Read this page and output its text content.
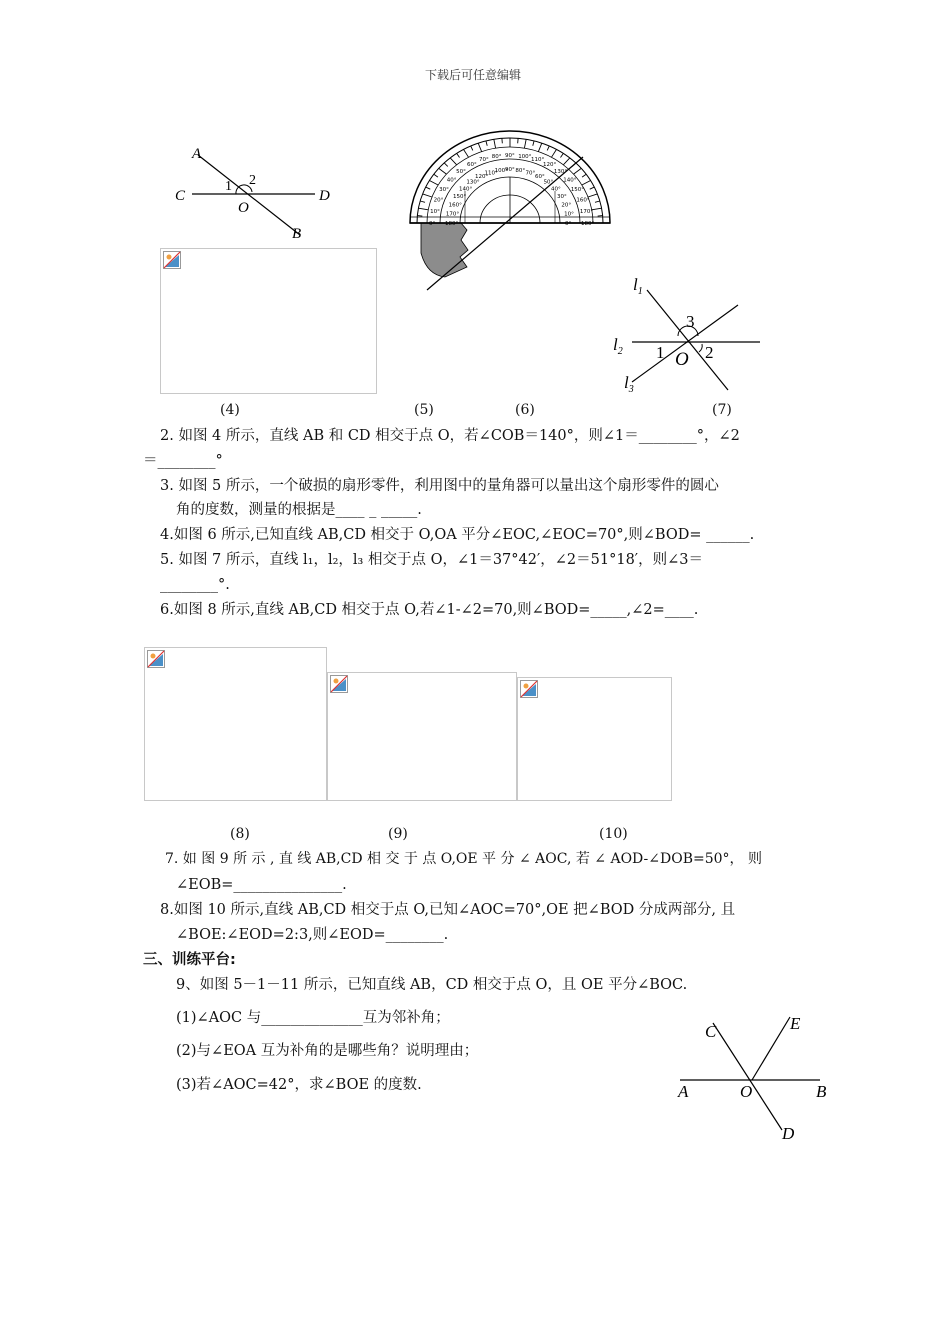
下载后可任意编辑
A
C	D
O
B
1 2
0° 180°
10° 170°
20°
160°
30°
150°
40°
140°
50°
130°
60°
120°
70°
110°
80°
100°
90°
90°
100°
80°
110°
70°
120°
60°
130°
50° 140°
40° 150°
30°
160°
20°
170°
10°
180°
0°
$l_1$
$l_2$
$l_3$
3
1 O 2
(4)	(5)	(6)	(7)
2. 如图 4 所示，直线 AB 和 CD 相交于点 O，若∠COB＝140°，则∠1＝________°，∠2
＝________°
3. 如图 5 所示，一个破损的扇形零件，利用图中的量角器可以量出这个扇形零件的圆心
角的度数，测量的根据是____ _ _____.
4.如图 6 所示,已知直线 AB,CD 相交于 O,OA 平分∠EOC,∠EOC=70°,则∠BOD= ______.
5. 如图 7 所示，直线 l₁，l₂，l₃ 相交于点 O，∠1＝37°42′，∠2＝51°18′，则∠3＝
________°.
6.如图 8 所示,直线 AB,CD 相交于点 O,若∠1-∠2=70,则∠BOD=_____,∠2=____.
(8)	(9)	(10)
7. 如 图 9 所 示 , 直 线 AB,CD 相 交 于 点 O,OE 平 分 ∠ AOC, 若 ∠ AOD-∠DOB=50°， 则
∠EOB=_______________.
8.如图 10 所示,直线 AB,CD 相交于点 O,已知∠AOC=70°,OE 把∠BOD 分成两部分, 且
∠BOE:∠EOD=2:3,则∠EOD=________.
三、训练平台:
9、如图 5－1－11 所示，已知直线 AB，CD 相交于点 O，且 OE 平分∠BOC.
(1)∠AOC 与______________互为邻补角；
(2)与∠EOA 互为补角的是哪些角？说明理由；
(3)若∠AOC=42°，求∠BOE 的度数.
C	E
A	O	B
D
